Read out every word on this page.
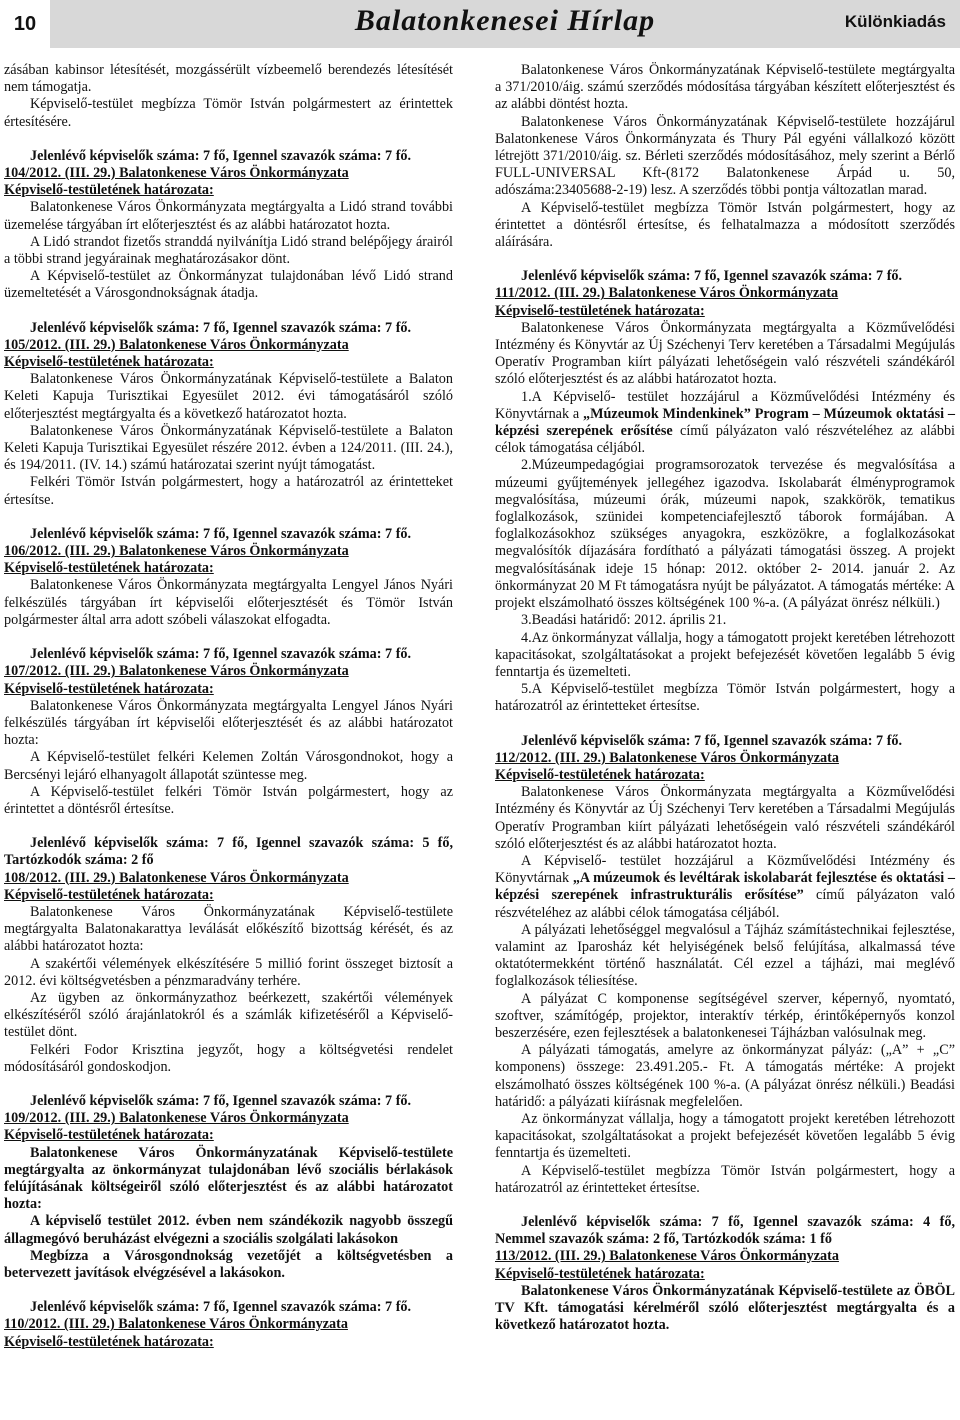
10	Balatonkenesei Hírlap	Különkiadás

zásában kabinsor létesítését, mozgássérült vízbeemelő berendezés létesítését nem támogatja.

Képviselő-testület megbízza Tömör István polgármestert az érintettek értesítésére.

Jelenlévő képviselők száma: 7 fő, Igennel szavazók száma: 7 fő.

104/2012. (III. 29.) Balatonkenese Város Önkormányzata

Képviselő-testületének határozata:

Balatonkenese Város Önkormányzata megtárgyalta a Lidó strand további üzemelése tárgyában írt előterjesztést és az alábbi határozatot hozta.

A Lidó strandot fizetős stranddá nyilvánítja Lidó strand belépőjegy árairól a többi strand jegyárainak meghatározásakor dönt.

A Képviselő-testület az Önkormányzat tulajdonában lévő Lidó strand üzemeltetését a Városgondnokságnak átadja.

Jelenlévő képviselők száma: 7 fő, Igennel szavazók száma: 7 fő.

105/2012. (III. 29.) Balatonkenese Város Önkormányzata

Képviselő-testületének határozata:

Balatonkenese Város Önkormányzatának Képviselő-testülete a Balaton Keleti Kapuja Turisztikai Egyesület 2012. évi támogatásáról szóló előterjesztést megtárgyalta és a következő határozatot hozta.

Balatonkenese Város Önkormányzatának Képviselő-testülete a Balaton Keleti Kapuja Turisztikai Egyesület részére 2012. évben a 124/2011. (III. 24.), és 194/2011. (IV. 14.) számú határozatai szerint nyújt támogatást.

Felkéri Tömör István polgármestert, hogy a határozatról az érintetteket értesítse.

Jelenlévő képviselők száma: 7 fő, Igennel szavazók száma: 7 fő.

106/2012. (III. 29.) Balatonkenese Város Önkormányzata

Képviselő-testületének határozata:

Balatonkenese Város Önkormányzata megtárgyalta Lengyel János Nyári felkészülés tárgyában írt képviselői előterjesztését és Tömör István polgármester által arra adott szóbeli válaszokat elfogadta.

Jelenlévő képviselők száma: 7 fő, Igennel szavazók száma: 7 fő.

107/2012. (III. 29.) Balatonkenese Város Önkormányzata

Képviselő-testületének határozata:

Balatonkenese Város Önkormányzata megtárgyalta Lengyel János Nyári felkészülés tárgyában írt képviselői előterjesztését és az alábbi határozatot hozta:

A Képviselő-testület felkéri Kelemen Zoltán Városgondnokot, hogy a Bercsényi lejáró elhanyagolt állapotát szüntesse meg.

A Képviselő-testület felkéri Tömör István polgármestert, hogy az érintettet a döntésről értesítse.

Jelenlévő képviselők száma: 7 fő, Igennel szavazók száma: 5 fő, Tartózkodók száma: 2 fő

108/2012. (III. 29.) Balatonkenese Város Önkormányzata

Képviselő-testületének határozata:

Balatonkenese Város Önkormányzatának Képviselő-testülete megtárgyalta Balatonakarattya leválását előkészítő bizottság kérését, és az alábbi határozatot hozta:

A szakértői vélemények elkészítésére 5 millió forint összeget biztosít a 2012. évi költségvetésben a pénzmaradvány terhére.

Az ügyben az önkormányzathoz beérkezett, szakértői vélemények elkészítéséről szóló árajánlatokról és a számlák kifizetéséről a Képviselő-testület dönt.

Felkéri Fodor Krisztina jegyzőt, hogy a költségvetési rendelet módosításáról gondoskodjon.

Jelenlévő képviselők száma: 7 fő, Igennel szavazók száma: 7 fő.

109/2012. (III. 29.) Balatonkenese Város Önkormányzata

Képviselő-testületének határozata:

Balatonkenese Város Önkormányzatának Képviselő-testülete megtárgyalta az önkormányzat tulajdonában lévő szociális bérlakások felújításának költségeiről szóló előterjesztést és az alábbi határozatot hozta:

A képviselő testület 2012. évben nem szándékozik nagyobb összegű állagmegóvó beruházást elvégezni a szociális szolgálati lakásokon

Megbízza a Városgondnokság vezetőjét a költségvetésben a betervezett javítások elvégzésével a lakásokon.

Jelenlévő képviselők száma: 7 fő, Igennel szavazók száma: 7 fő.

110/2012. (III. 29.) Balatonkenese Város Önkormányzata

Képviselő-testületének határozata:

Balatonkenese Város Önkormányzatának Képviselő-testülete megtárgyalta a 371/2010/áig. számú szerződés módosítása tárgyában készített előterjesztést és az alábbi döntést hozta.

Balatonkenese Város Önkormányzatának Képviselő-testülete hozzájárul Balatonkenese Város Önkormányzata és Thury Pál egyéni vállalkozó között létrejött 371/2010/áig. sz. Bérleti szerződés módosításához, mely szerint a Bérlő FULL-UNIVERSAL Kft-(8172 Balatonkenese Árpád u. 50, adószáma:23405688-2-19) lesz. A szerződés többi pontja változatlan marad.

A Képviselő-testület megbízza Tömör István polgármestert, hogy az érintettet a döntésről értesítse, és felhatalmazza a módosított szerződés aláírására.

Jelenlévő képviselők száma: 7 fő, Igennel szavazók száma: 7 fő.

111/2012. (III. 29.) Balatonkenese Város Önkormányzata

Képviselő-testületének határozata:

Balatonkenese Város Önkormányzata megtárgyalta a Közművelődési Intézmény és Könyvtár az Új Széchenyi Terv keretében a Társadalmi Megújulás Operatív Programban kiírt pályázati lehetőségein való részvételi szándékáról szóló előterjesztést és az alábbi határozatot hozta.

1.A Képviselő- testület hozzájárul a Közművelődési Intézmény és Könyvtárnak a „Múzeumok Mindenkinek” Program – Múzeumok oktatási – képzési szerepének erősítése című pályázaton való részvételéhez az alábbi célok támogatása céljából.

2.Múzeumpedagógiai programsorozatok tervezése és megvalósítása a múzeumi gyűjtemények jellegéhez igazodva. Iskolabarát élményprogramok megvalósítása, múzeumi órák, múzeumi napok, szakkörök, tematikus foglalkozások, szünidei kompetenciafejlesztő táborok formájában. A foglalkozásokhoz szükséges anyagokra, eszközökre, a foglalkozásokat megvalósítók díjazására fordítható a pályázati támogatási összeg. A projekt megvalósításának ideje 15 hónap: 2012. október 2- 2014. január 2. Az önkormányzat 20 M Ft támogatásra nyújt be pályázatot. A támogatás mértéke: A projekt elszámolható összes költségének 100 %-a. (A pályázat önrész nélküli.)

3.Beadási határidő: 2012. április 21.

4.Az önkormányzat vállalja, hogy a támogatott projekt keretében létrehozott kapacitásokat, szolgáltatásokat a projekt befejezését követően legalább 5 évig fenntartja és üzemelteti.

5.A Képviselő-testület megbízza Tömör István polgármestert, hogy a határozatról az érintetteket értesítse.

Jelenlévő képviselők száma: 7 fő, Igennel szavazók száma: 7 fő.

112/2012. (III. 29.) Balatonkenese Város Önkormányzata

Képviselő-testületének határozata:

Balatonkenese Város Önkormányzata megtárgyalta a Közművelődési Intézmény és Könyvtár az Új Széchenyi Terv keretében a Társadalmi Megújulás Operatív Programban kiírt pályázati lehetőségein való részvételi szándékáról szóló előterjesztést és az alábbi határozatot hozta.

A Képviselő- testület hozzájárul a Közművelődési Intézmény és Könyvtárnak „A múzeumok és levéltárak iskolabarát fejlesztése és oktatási – képzési szerepének infrastrukturális erősítése” című pályázaton való részvételéhez az alábbi célok támogatása céljából.

A pályázati lehetőséggel megvalósul a Tájház számítástechnikai fejlesztése, valamint az Iparosház két helyiségének belső felújítása, alkalmassá téve oktatótermekként történő használatát. Cél ezzel a tájházi, mai meglévő foglalkozások téliesítése.

A pályázat C komponense segítségével szerver, képernyő, nyomtató, szoftver, számítógép, projektor, interaktív térkép, érintőképernyős konzol beszerzésére, ezen fejlesztések a balatonkenesei Tájházban valósulnak meg.

A pályázati támogatás, amelyre az önkormányzat pályáz: („A” + „C” komponens) összege: 23.491.205.- Ft. A támogatás mértéke: A projekt elszámolható összes költségének 100 %-a. (A pályázat önrész nélküli.) Beadási határidő: a pályázati kiírásnak megfelelően.

Az önkormányzat vállalja, hogy a támogatott projekt keretében létrehozott kapacitásokat, szolgáltatásokat a projekt befejezését követően legalább 5 évig fenntartja és üzemelteti.

A Képviselő-testület megbízza Tömör István polgármestert, hogy a határozatról az érintetteket értesítse.

Jelenlévő képviselők száma: 7 fő, Igennel szavazók száma: 4 fő, Nemmel szavazók száma: 2 fő, Tartózkodók száma: 1 fő

113/2012. (III. 29.) Balatonkenese Város Önkormányzata

Képviselő-testületének határozata:

Balatonkenese Város Önkormányzatának Képviselő-testülete az ÖBÖL TV Kft. támogatási kérelméről szóló előterjesztést megtárgyalta és a következő határozatot hozta.
